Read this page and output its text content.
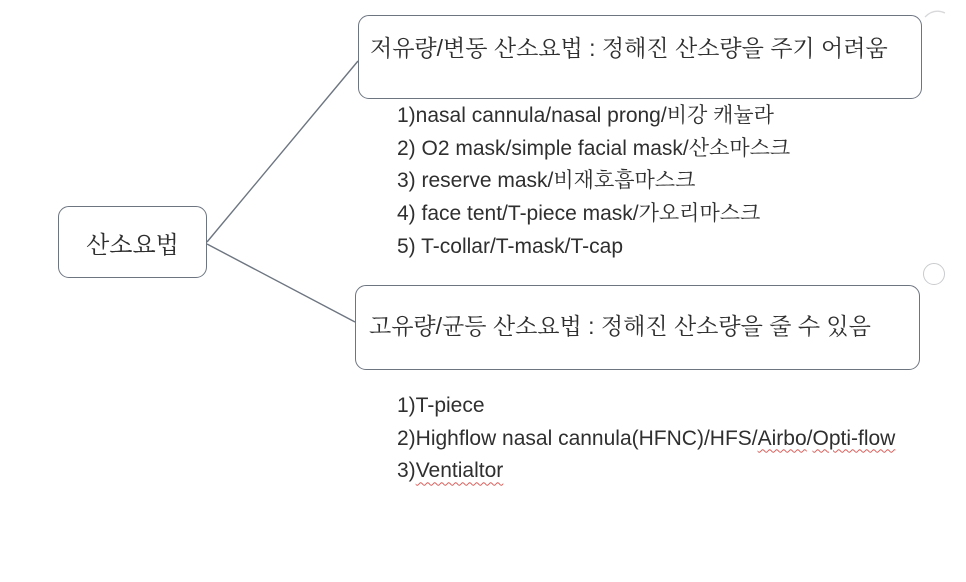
산소요법
저유량/변동 산소요법 : 정해진 산소량을 주기 어려움
1)nasal cannula/nasal prong/비강 캐뉼라
2) O2 mask/simple facial mask/산소마스크
3) reserve mask/비재호흡마스크
4) face tent/T-piece mask/가오리마스크
5) T-collar/T-mask/T-cap
고유량/균등 산소요법 : 정해진 산소량을 줄 수 있음
1)T-piece
2)Highflow nasal cannula(HFNC)/HFS/Airbo/Opti-flow
3)Ventialtor
